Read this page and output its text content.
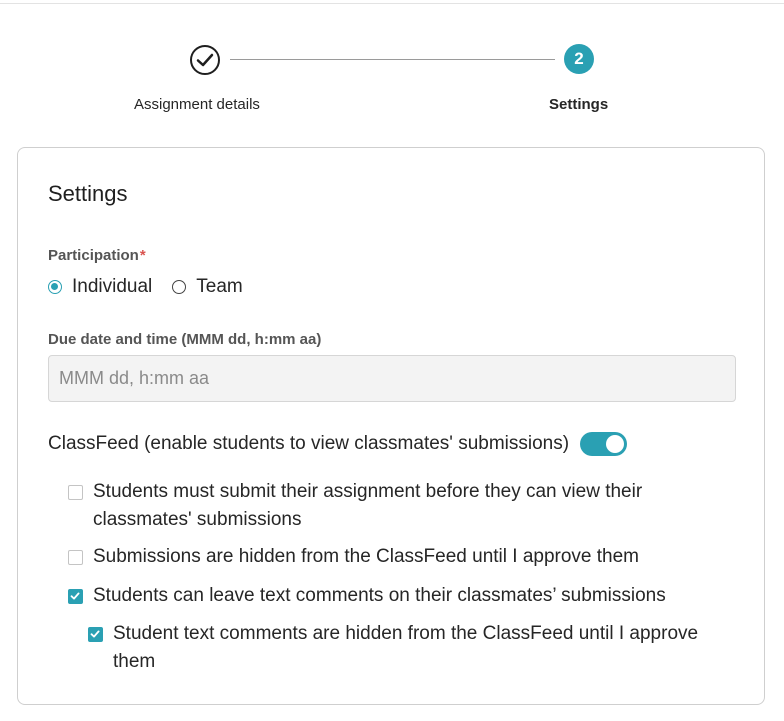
2
Assignment details	Settings
Settings
Participation*
Individual Team
Due date and time (MMM dd, h:mm aa)
MMM dd, h:mm aa
ClassFeed (enable students to view classmates' submissions)
Students must submit their assignment before they can view their classmates' submissions
Submissions are hidden from the ClassFeed until I approve them
Students can leave text comments on their classmates’ submissions
Student text comments are hidden from the ClassFeed until I approve them
